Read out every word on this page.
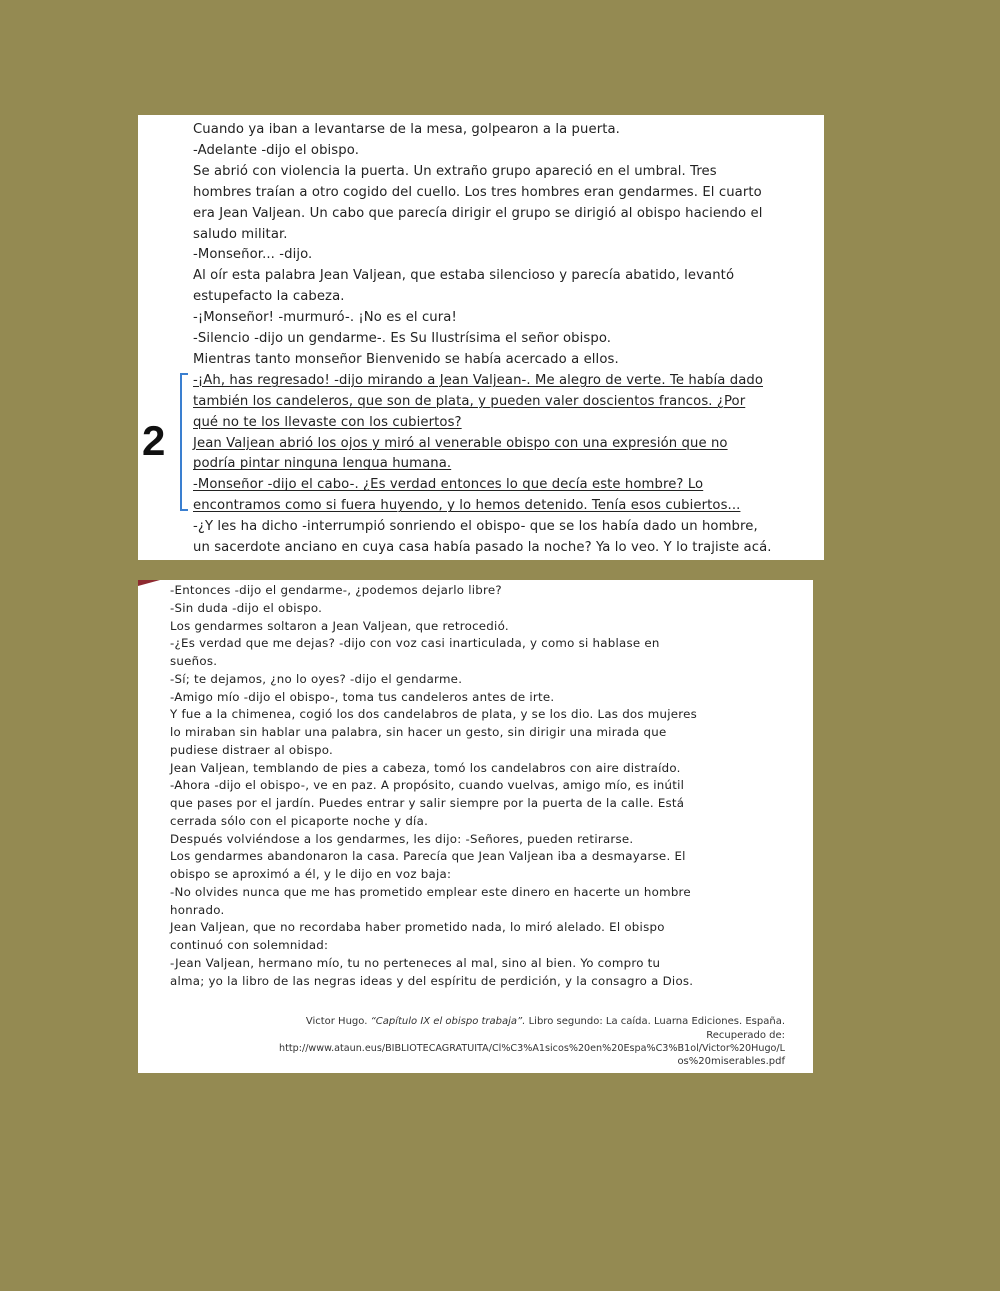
Cuando ya iban a levantarse de la mesa, golpearon a la puerta.
-Adelante -dijo el obispo.
Se abrió con violencia la puerta. Un extraño grupo apareció en el umbral. Tres
hombres traían a otro cogido del cuello. Los tres hombres eran gendarmes. El cuarto
era Jean Valjean. Un cabo que parecía dirigir el grupo se dirigió al obispo haciendo el
saludo militar.
-Monseñor... -dijo.
Al oír esta palabra Jean Valjean, que estaba silencioso y parecía abatido, levantó
estupefacto la cabeza.
-¡Monseñor! -murmuró-. ¡No es el cura!
-Silencio -dijo un gendarme-. Es Su Ilustrísima el señor obispo.
Mientras tanto monseñor Bienvenido se había acercado a ellos.
-¡Ah, has regresado! -dijo mirando a Jean Valjean-. Me alegro de verte. Te había dado
también los candeleros, que son de plata, y pueden valer doscientos francos. ¿Por
qué no te los llevaste con los cubiertos?
Jean Valjean abrió los ojos y miró al venerable obispo con una expresión que no
podría pintar ninguna lengua humana.
-Monseñor -dijo el cabo-. ¿Es verdad entonces lo que decía este hombre? Lo
encontramos como si fuera huyendo, y lo hemos detenido. Tenía esos cubiertos...
-¿Y les ha dicho -interrumpió sonriendo el obispo- que se los había dado un hombre,
un sacerdote anciano en cuya casa había pasado la noche? Ya lo veo. Y lo trajiste acá.
2
-Entonces -dijo el gendarme-, ¿podemos dejarlo libre?
-Sin duda -dijo el obispo.
Los gendarmes soltaron a Jean Valjean, que retrocedió.
-¿Es verdad que me dejas? -dijo con voz casi inarticulada, y como si hablase en
sueños.
-Sí; te dejamos, ¿no lo oyes? -dijo el gendarme.
-Amigo mío -dijo el obispo-, toma tus candeleros antes de irte.
Y fue a la chimenea, cogió los dos candelabros de plata, y se los dio. Las dos mujeres
lo miraban sin hablar una palabra, sin hacer un gesto, sin dirigir una mirada que
pudiese distraer al obispo.
Jean Valjean, temblando de pies a cabeza, tomó los candelabros con aire distraído.
-Ahora -dijo el obispo-, ve en paz. A propósito, cuando vuelvas, amigo mío, es inútil
que pases por el jardín. Puedes entrar y salir siempre por la puerta de la calle. Está
cerrada sólo con el picaporte noche y día.
Después volviéndose a los gendarmes, les dijo: -Señores, pueden retirarse.
Los gendarmes abandonaron la casa. Parecía que Jean Valjean iba a desmayarse. El
obispo se aproximó a él, y le dijo en voz baja:
-No olvides nunca que me has prometido emplear este dinero en hacerte un hombre
honrado.
Jean Valjean, que no recordaba haber prometido nada, lo miró alelado. El obispo
continuó con solemnidad:
-Jean Valjean, hermano mío, tu no perteneces al mal, sino al bien. Yo compro tu
alma; yo la libro de las negras ideas y del espíritu de perdición, y la consagro a Dios.
Victor Hugo. “Capítulo IX el obispo trabaja”. Libro segundo: La caída. Luarna Ediciones. España.
Recuperado de:
http://www.ataun.eus/BIBLIOTECAGRATUITA/Cl%C3%A1sicos%20en%20Espa%C3%B1ol/Victor%20Hugo/L
os%20miserables.pdf
